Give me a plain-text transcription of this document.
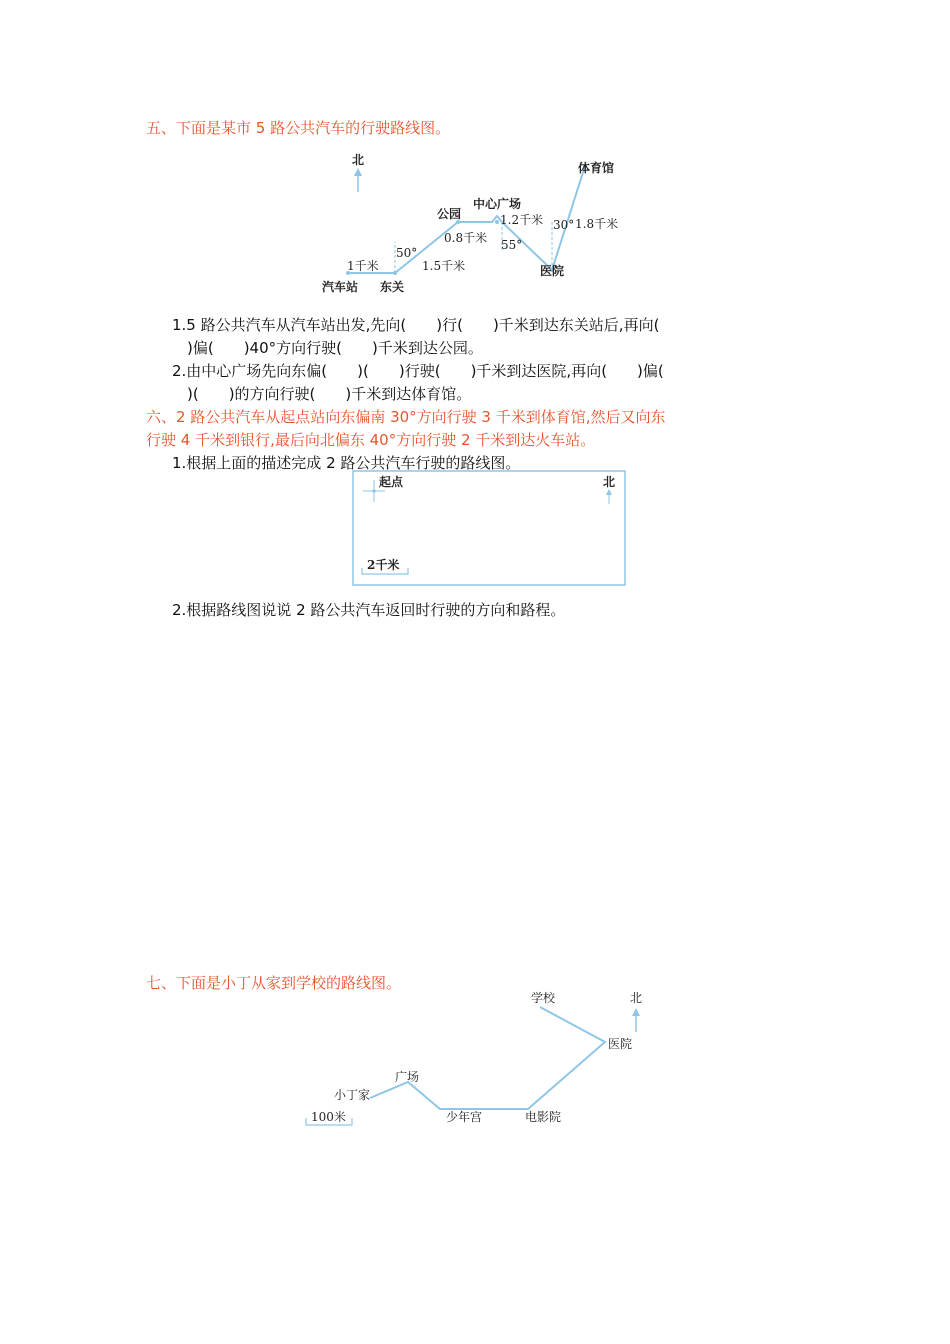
五、下面是某市 5 路公共汽车的行驶路线图。
北
体育馆
中心广场
公园
医院
汽车站 东关
1千米	1.5千米
0.8千米
1.2千米	1.8千米
50°
55°
30°
1.5 路公共汽车从汽车站出发,先向(　　)行(　　)千米到达东关站后,再向(
　)偏(　　)40°方向行驶(　　)千米到达公园。
2.由中心广场先向东偏(　　)(　　)行驶(　　)千米到达医院,再向(　　)偏(
　)(　　)的方向行驶(　　)千米到达体育馆。
六、2 路公共汽车从起点站向东偏南 30°方向行驶 3 千米到体育馆,然后又向东
行驶 4 千米到银行,最后向北偏东 40°方向行驶 2 千米到达火车站。
1.根据上面的描述完成 2 路公共汽车行驶的路线图。
起点	北
2千米
2.根据路线图说说 2 路公共汽车返回时行驶的方向和路程。
七、下面是小丁从家到学校的路线图。
北
学校
医院
广场
小丁家
少年宫	电影院
100米
